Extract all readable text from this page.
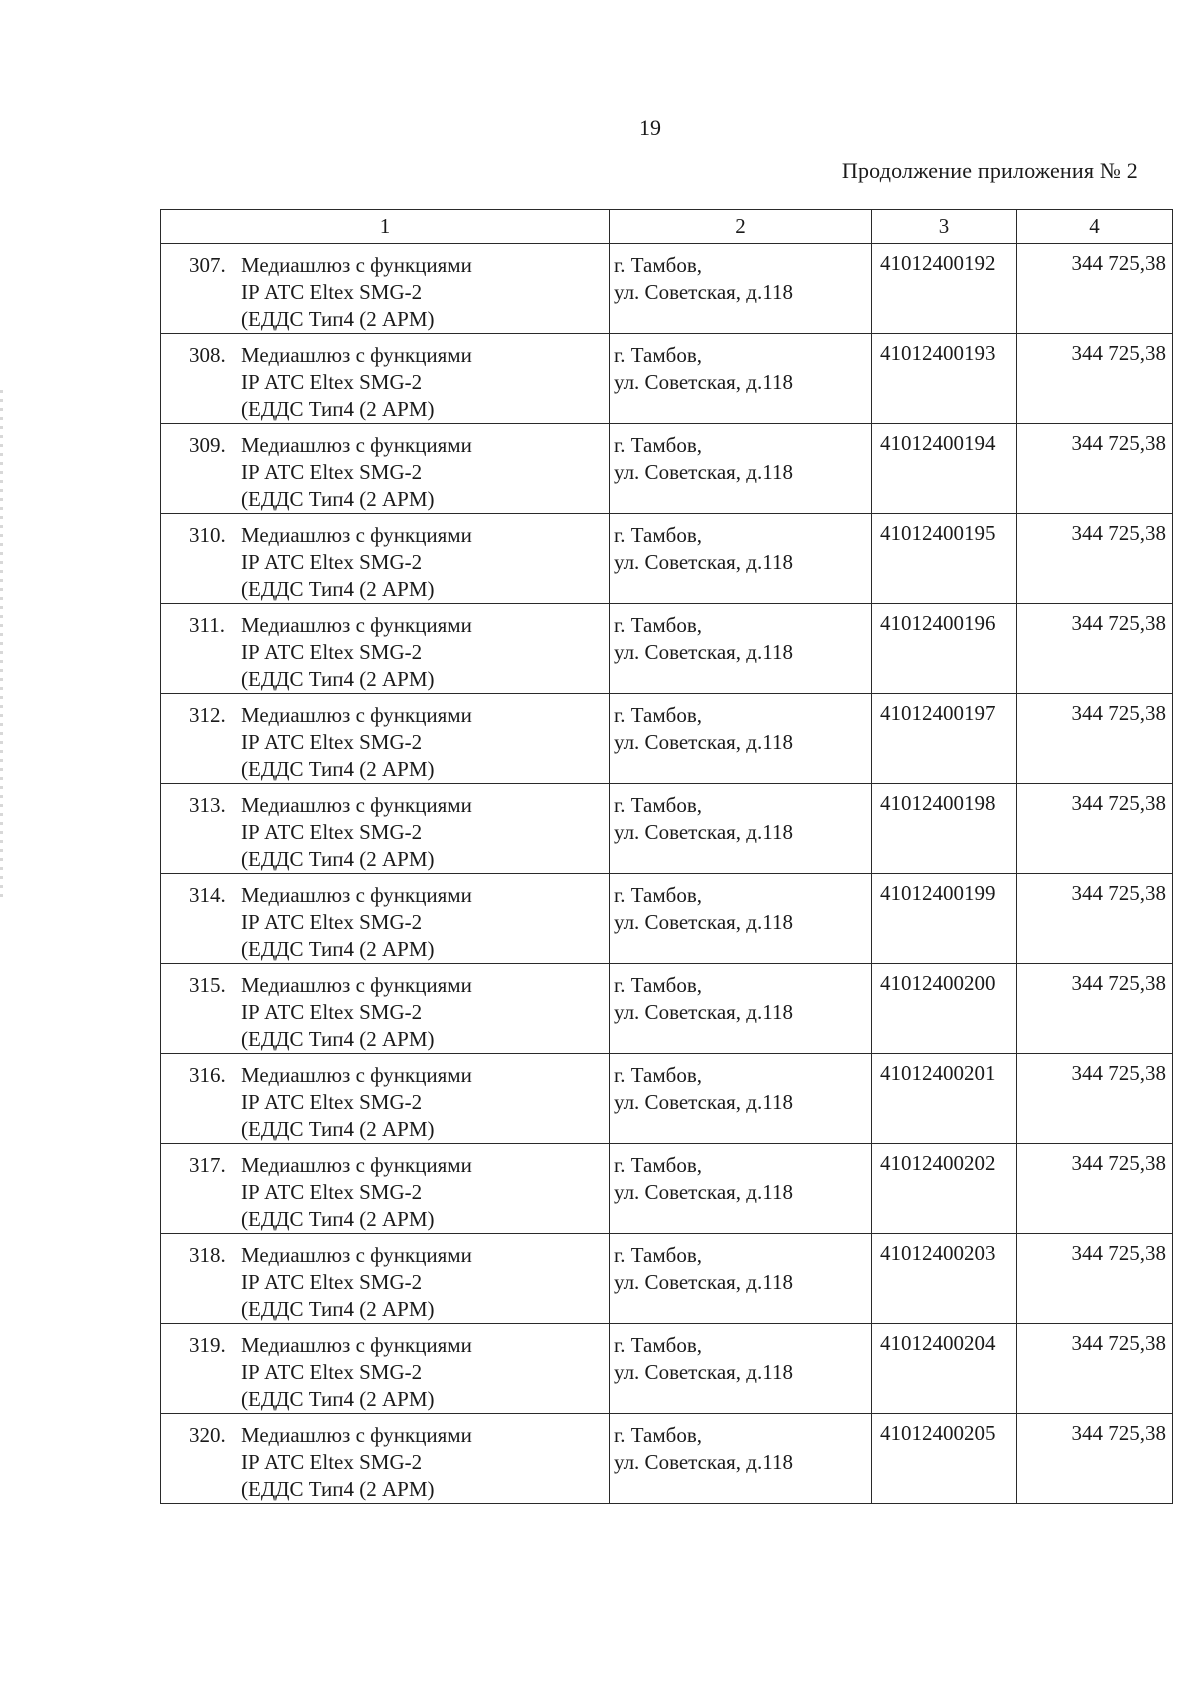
19
Продолжение приложения № 2
1	2	3	4

307. Медиашлюз с функциями
IP АТС Eltex SMG-2
(ЕДДС Тип4 (2 АРМ)	г. Тамбов,
ул. Советская, д.118	41012400192	344 725,38

308. Медиашлюз с функциями
IP АТС Eltex SMG-2
(ЕДДС Тип4 (2 АРМ)	г. Тамбов,
ул. Советская, д.118	41012400193	344 725,38

309. Медиашлюз с функциями
IP АТС Eltex SMG-2
(ЕДДС Тип4 (2 АРМ)	г. Тамбов,
ул. Советская, д.118	41012400194	344 725,38

310. Медиашлюз с функциями
IP АТС Eltex SMG-2
(ЕДДС Тип4 (2 АРМ)	г. Тамбов,
ул. Советская, д.118	41012400195	344 725,38

311. Медиашлюз с функциями
IP АТС Eltex SMG-2
(ЕДДС Тип4 (2 АРМ)	г. Тамбов,
ул. Советская, д.118	41012400196	344 725,38

312. Медиашлюз с функциями
IP АТС Eltex SMG-2
(ЕДДС Тип4 (2 АРМ)	г. Тамбов,
ул. Советская, д.118	41012400197	344 725,38

313. Медиашлюз с функциями
IP АТС Eltex SMG-2
(ЕДДС Тип4 (2 АРМ)	г. Тамбов,
ул. Советская, д.118	41012400198	344 725,38

314. Медиашлюз с функциями
IP АТС Eltex SMG-2
(ЕДДС Тип4 (2 АРМ)	г. Тамбов,
ул. Советская, д.118	41012400199	344 725,38

315. Медиашлюз с функциями
IP АТС Eltex SMG-2
(ЕДДС Тип4 (2 АРМ)	г. Тамбов,
ул. Советская, д.118	41012400200	344 725,38

316. Медиашлюз с функциями
IP АТС Eltex SMG-2
(ЕДДС Тип4 (2 АРМ)	г. Тамбов,
ул. Советская, д.118	41012400201	344 725,38

317. Медиашлюз с функциями
IP АТС Eltex SMG-2
(ЕДДС Тип4 (2 АРМ)	г. Тамбов,
ул. Советская, д.118	41012400202	344 725,38

318. Медиашлюз с функциями
IP АТС Eltex SMG-2
(ЕДДС Тип4 (2 АРМ)	г. Тамбов,
ул. Советская, д.118	41012400203	344 725,38

319. Медиашлюз с функциями
IP АТС Eltex SMG-2
(ЕДДС Тип4 (2 АРМ)	г. Тамбов,
ул. Советская, д.118	41012400204	344 725,38

320. Медиашлюз с функциями
IP АТС Eltex SMG-2
(ЕДДС Тип4 (2 АРМ)	г. Тамбов,
ул. Советская, д.118	41012400205	344 725,38
